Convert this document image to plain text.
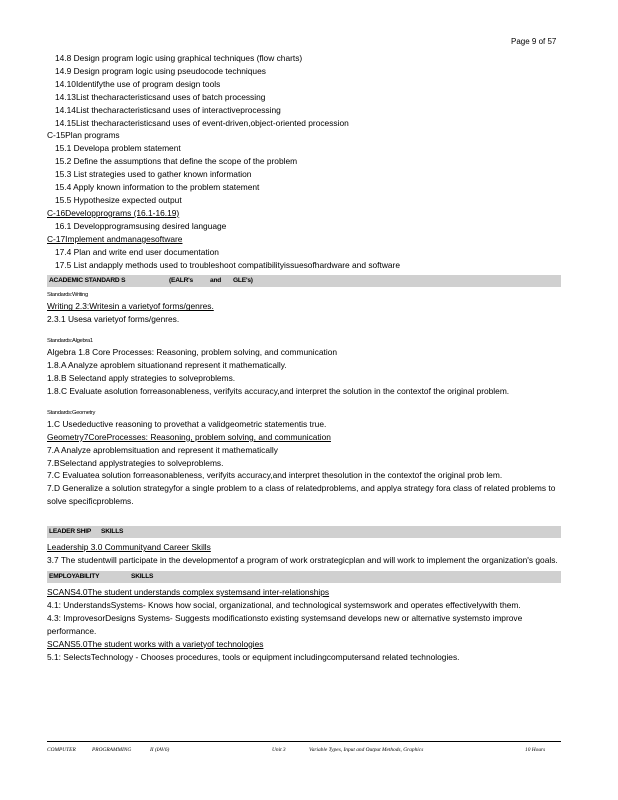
Page 9 of 57
14.8 Design program logic using graphical techniques (flow charts)
14.9 Design program logic using pseudocode techniques
14.10Identifythe use of program design tools
14.13List thecharacteristicsand uses of batch processing
14.14List thecharacteristicsand uses of interactiveprocessing
14.15List thecharacteristicsand uses of event-driven,object-oriented procession
C-15Plan programs
15.1 Developa problem statement
15.2 Define the assumptions that define the scope of the problem
15.3 List strategies used to gather known information
15.4 Apply known information to the problem statement
15.5 Hypothesize expected output
C-16Developprograms (16.1-16.19)
16.1 Developprogramsusing desired language
C-17Implement andmanagesoftware
17.4 Plan and write end user documentation
17.5 List andapply methods used to troubleshoot compatibilityissuesofhardware and software
ACADEMIC STANDARD S	(EALR's	and GLE's)
Standards:Writing
Writing 2.3:Writesin a varietyof forms/genres.
2.3.1 Usesa varietyof forms/genres.
Standards:Algebra1
Algebra 1.8 Core Processes: Reasoning, problem solving, and communication
1.8.A Analyze aproblem situationand represent it mathematically.
1.8.B Selectand apply strategies to solveproblems.
1.8.C Evaluate asolution forreasonableness, verifyits accuracy,and interpret the solution in the contextof the original problem.
Standards:Geometry
1.C Usedeductive reasoning to provethat a validgeometric statementis true.
Geometry7CoreProcesses: Reasoning, problem solving, and communication
7.A Analyze aproblemsituation and represent it mathematically
7.BSelectand applystrategies to solveproblems.
7.C Evaluatea solution forreasonableness, verifyits accuracy,and interpret thesolution in the contextof the original prob lem.
7.D Generalize a solution strategyfor a single problem to a class of relatedproblems, and applya strategy fora class of related problems to solve specificproblems.
LEADER SHIP SKILLS
Leadership 3.0 Communityand Career Skills
3.7 The studentwill participate in the developmentof a program of work orstrategicplan and will work to implement the organization's goals.
EMPLOYABILITY	SKILLS
SCANS4.0The student understands complex systemsand inter-relationships
4.1: UnderstandsSystems- Knows how social, organizational, and technological systemswork and operates effectivelywith them.
4.3: ImprovesorDesigns Systems- Suggests modificationsto existing systemsand develops new or alternative systemsto improve performance.
SCANS5.0The student works with a varietyof technologies
5.1: SelectsTechnology - Chooses procedures, tools or equipment includingcomputersand related technologies.
COMPUTER	PROGRAMMING	II (IAV6)	Unit 3	Variable Types, Input and Output Methods, Graphics	10 Hours
